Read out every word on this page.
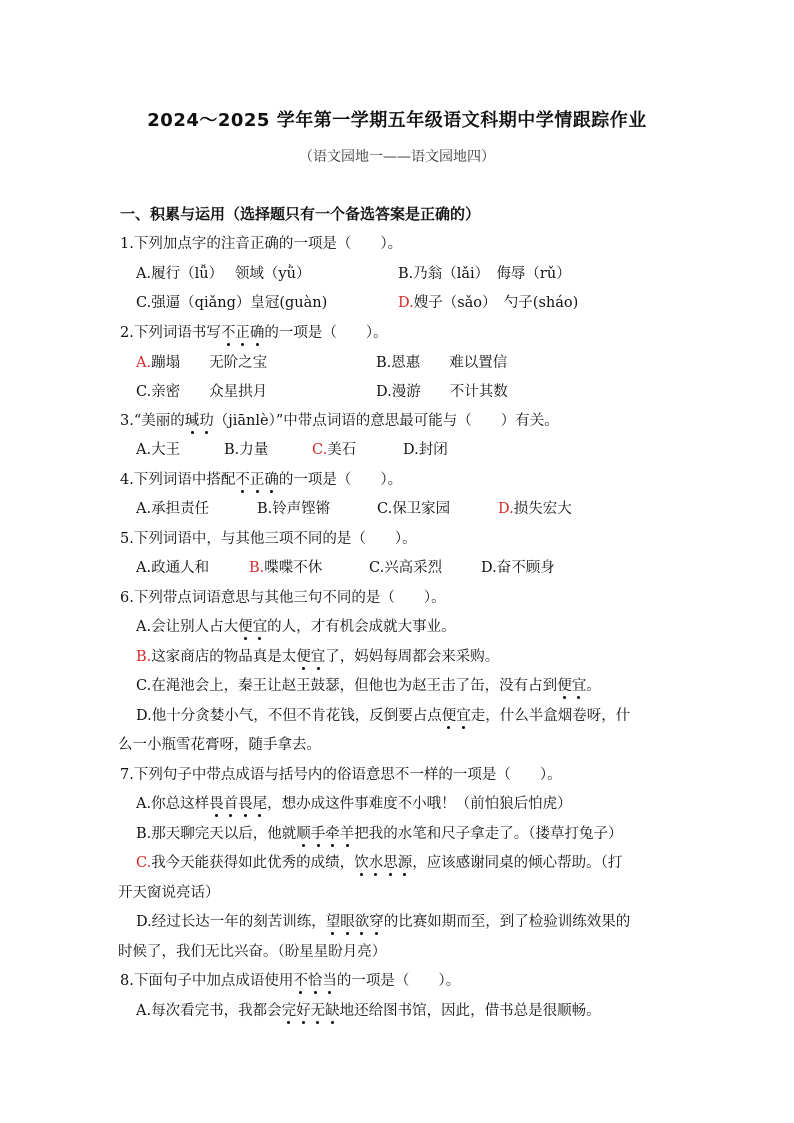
2024～2025 学年第一学期五年级语文科期中学情跟踪作业
（语文园地一——语文园地四）
一、积累与运用（选择题只有一个备选答案是正确的）
1.下列加点字的注音正确的一项是（　　）。
A.履行（lǚ）　 领域（yǜ）	B.乃翁（lǎi）　侮辱（rǔ）
C.强逼（qiǎng）皇冠(guàn)	D.嫂子（sǎo）　勺子(sháo)
2.下列词语书写不正确的一项是（　　）。
A.蹦塌　　无阶之宝	B.恩惠　　难以置信
C.亲密　　众星拱月	D.漫游　　不计其数
3.“美丽的瑊玏（jiānlè）”中带点词语的意思最可能与（　　）有关。
A.大王	B.力量	C.美石	D.封闭
4.下列词语中搭配不正确的一项是（　　）。
A.承担责任	B.铃声铿锵	C.保卫家园	D.损失宏大
5.下列词语中，与其他三项不同的是（　　）。
A.政通人和	B.喋喋不休	C.兴高采烈	D.奋不顾身
6.下列带点词语意思与其他三句不同的是（　　）。
A.会让别人占大便宜的人，才有机会成就大事业。
B.这家商店的物品真是太便宜了，妈妈每周都会来采购。
C.在渑池会上，秦王让赵王鼓瑟，但他也为赵王击了缶，没有占到便宜。
D.他十分贪婪小气，不但不肯花钱，反倒要占点便宜走，什么半盒烟卷呀，什
么一小瓶雪花膏呀，随手拿去。
7.下列句子中带点成语与括号内的俗语意思不一样的一项是（　　）。
A.你总这样畏首畏尾，想办成这件事难度不小哦！（前怕狼后怕虎）
B.那天聊完天以后，他就顺手牵羊把我的水笔和尺子拿走了。（搂草打兔子）
C.我今天能获得如此优秀的成绩，饮水思源，应该感谢同桌的倾心帮助。（打
开天窗说亮话）
D.经过长达一年的刻苦训练，望眼欲穿的比赛如期而至，到了检验训练效果的
时候了，我们无比兴奋。（盼星星盼月亮）
8.下面句子中加点成语使用不恰当的一项是（　　）。
A.每次看完书，我都会完好无缺地还给图书馆，因此，借书总是很顺畅。
